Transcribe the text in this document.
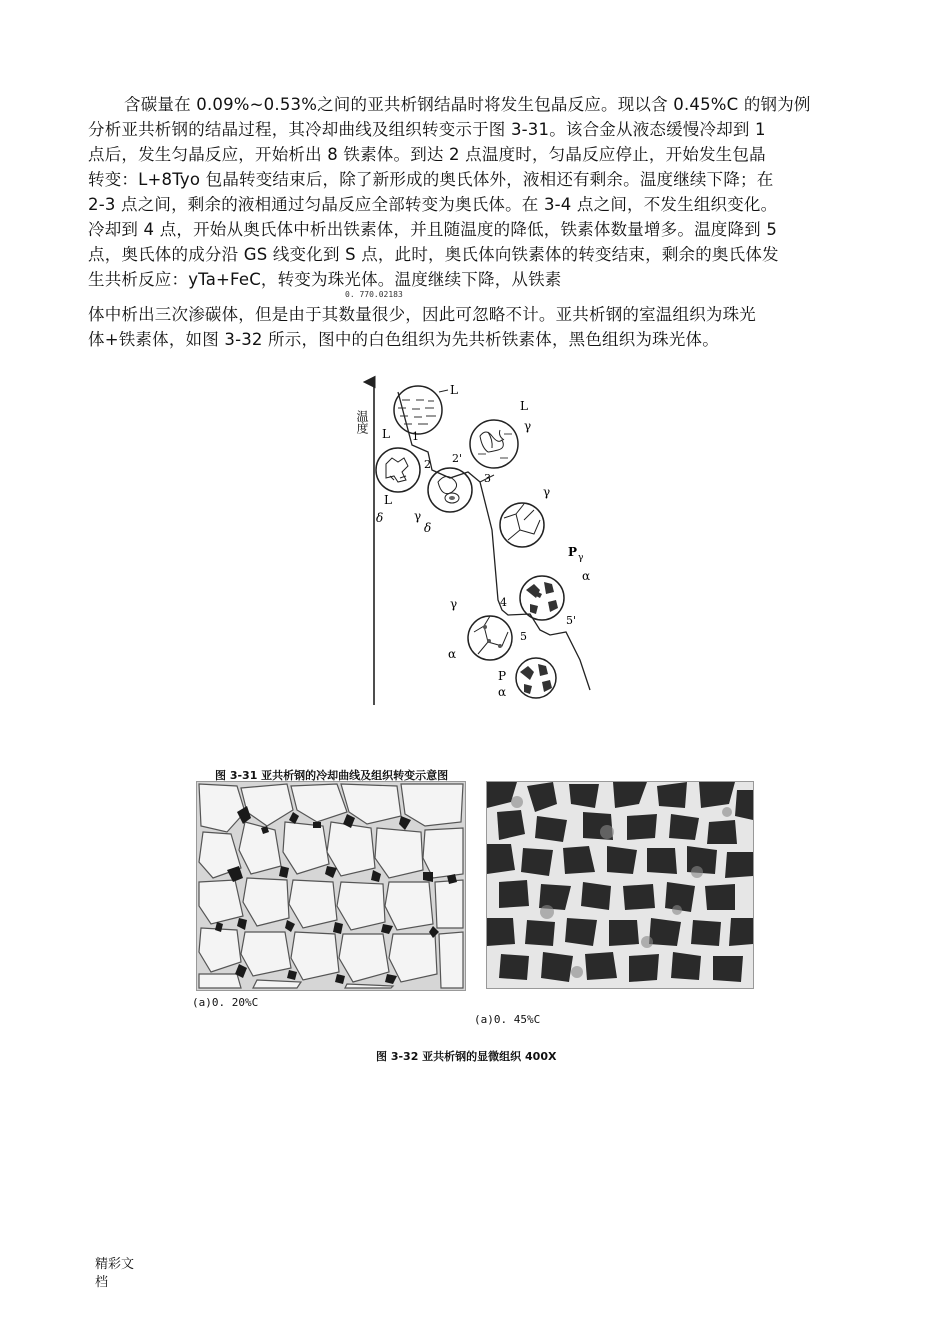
含碳量在 0.09%~0.53%之间的亚共析钢结晶时将发生包晶反应。现以含 0.45%C 的钢为例

分析亚共析钢的结晶过程，其冷却曲线及组织转变示于图 3-31。该合金从液态缓慢冷却到 1

点后，发生匀晶反应，开始析出 8 铁素体。到达 2 点温度时，匀晶反应停止，开始发生包晶

转变：L+8Tyo 包晶转变结束后，除了新形成的奥氏体外，液相还有剩余。温度继续下降；在

2-3 点之间，剩余的液相通过匀晶反应全部转变为奥氏体。在 3-4 点之间，不发生组织变化。

冷却到 4 点，开始从奥氏体中析出铁素体，并且随温度的降低，铁素体数量增多。温度降到 5

点，奥氏体的成分沿 GS 线变化到 S 点，此时，奥氏体向铁素体的转变结束，剩余的奥氏体发

生共析反应：yTa+FeC，转变为珠光体。温度继续下降，从铁素

0. 770.02183

体中析出三次渗碳体，但是由于其数量很少，因此可忽略不计。亚共析钢的室温组织为珠光

体+铁素体，如图 3-32 所示，图中的白色组织为先共析铁素体，黑色组织为珠光体。

温度
L
1
L
γ
L
2 2'
3
L
δ	γ
δ
γ
P γ
α
γ	4
5
5'
α
P
α
图 3-31 亚共析钢的冷却曲线及组织转变示意图
(a)0. 20%C
(a)0. 45%C
图 3-32 亚共析钢的显微组织 400X
精彩文
档
